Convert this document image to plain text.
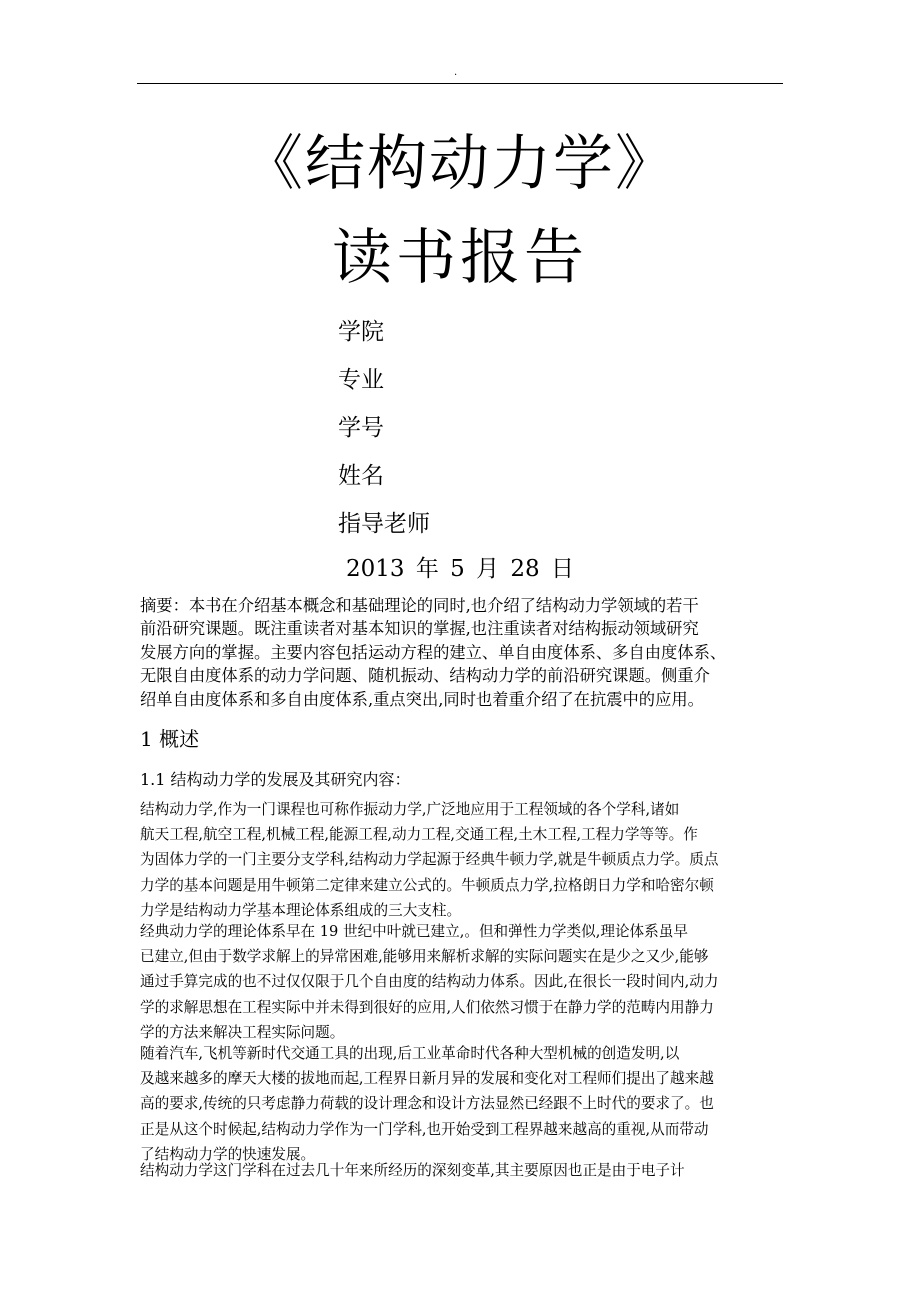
.
《结构动力学》
读书报告
学院
专业
学号
姓名
指导老师
2013 年 5 月 28 日
摘要：本书在介绍基本概念和基础理论的同时,也介绍了结构动力学领域的若干
前沿研究课题。既注重读者对基本知识的掌握,也注重读者对结构振动领域研究
发展方向的掌握。主要内容包括运动方程的建立、单自由度体系、多自由度体系、
无限自由度体系的动力学问题、随机振动、结构动力学的前沿研究课题。侧重介
绍单自由度体系和多自由度体系,重点突出,同时也着重介绍了在抗震中的应用。
1 概述
1.1 结构动力学的发展及其研究内容：
结构动力学,作为一门课程也可称作振动力学,广泛地应用于工程领域的各个学科,诸如
航天工程,航空工程,机械工程,能源工程,动力工程,交通工程,土木工程,工程力学等等。作
为固体力学的一门主要分支学科,结构动力学起源于经典牛顿力学,就是牛顿质点力学。质点
力学的基本问题是用牛顿第二定律来建立公式的。牛顿质点力学,拉格朗日力学和哈密尔顿
力学是结构动力学基本理论体系组成的三大支柱。
经典动力学的理论体系早在 19 世纪中叶就已建立,。但和弹性力学类似,理论体系虽早
已建立,但由于数学求解上的异常困难,能够用来解析求解的实际问题实在是少之又少,能够
通过手算完成的也不过仅仅限于几个自由度的结构动力体系。因此,在很长一段时间内,动力
学的求解思想在工程实际中并未得到很好的应用,人们依然习惯于在静力学的范畴内用静力
学的方法来解决工程实际问题。
随着汽车,飞机等新时代交通工具的出现,后工业革命时代各种大型机械的创造发明,以
及越来越多的摩天大楼的拔地而起,工程界日新月异的发展和变化对工程师们提出了越来越
高的要求,传统的只考虑静力荷载的设计理念和设计方法显然已经跟不上时代的要求了。也
正是从这个时候起,结构动力学作为一门学科,也开始受到工程界越来越高的重视,从而带动
了结构动力学的快速发展。
结构动力学这门学科在过去几十年来所经历的深刻变革,其主要原因也正是由于电子计
